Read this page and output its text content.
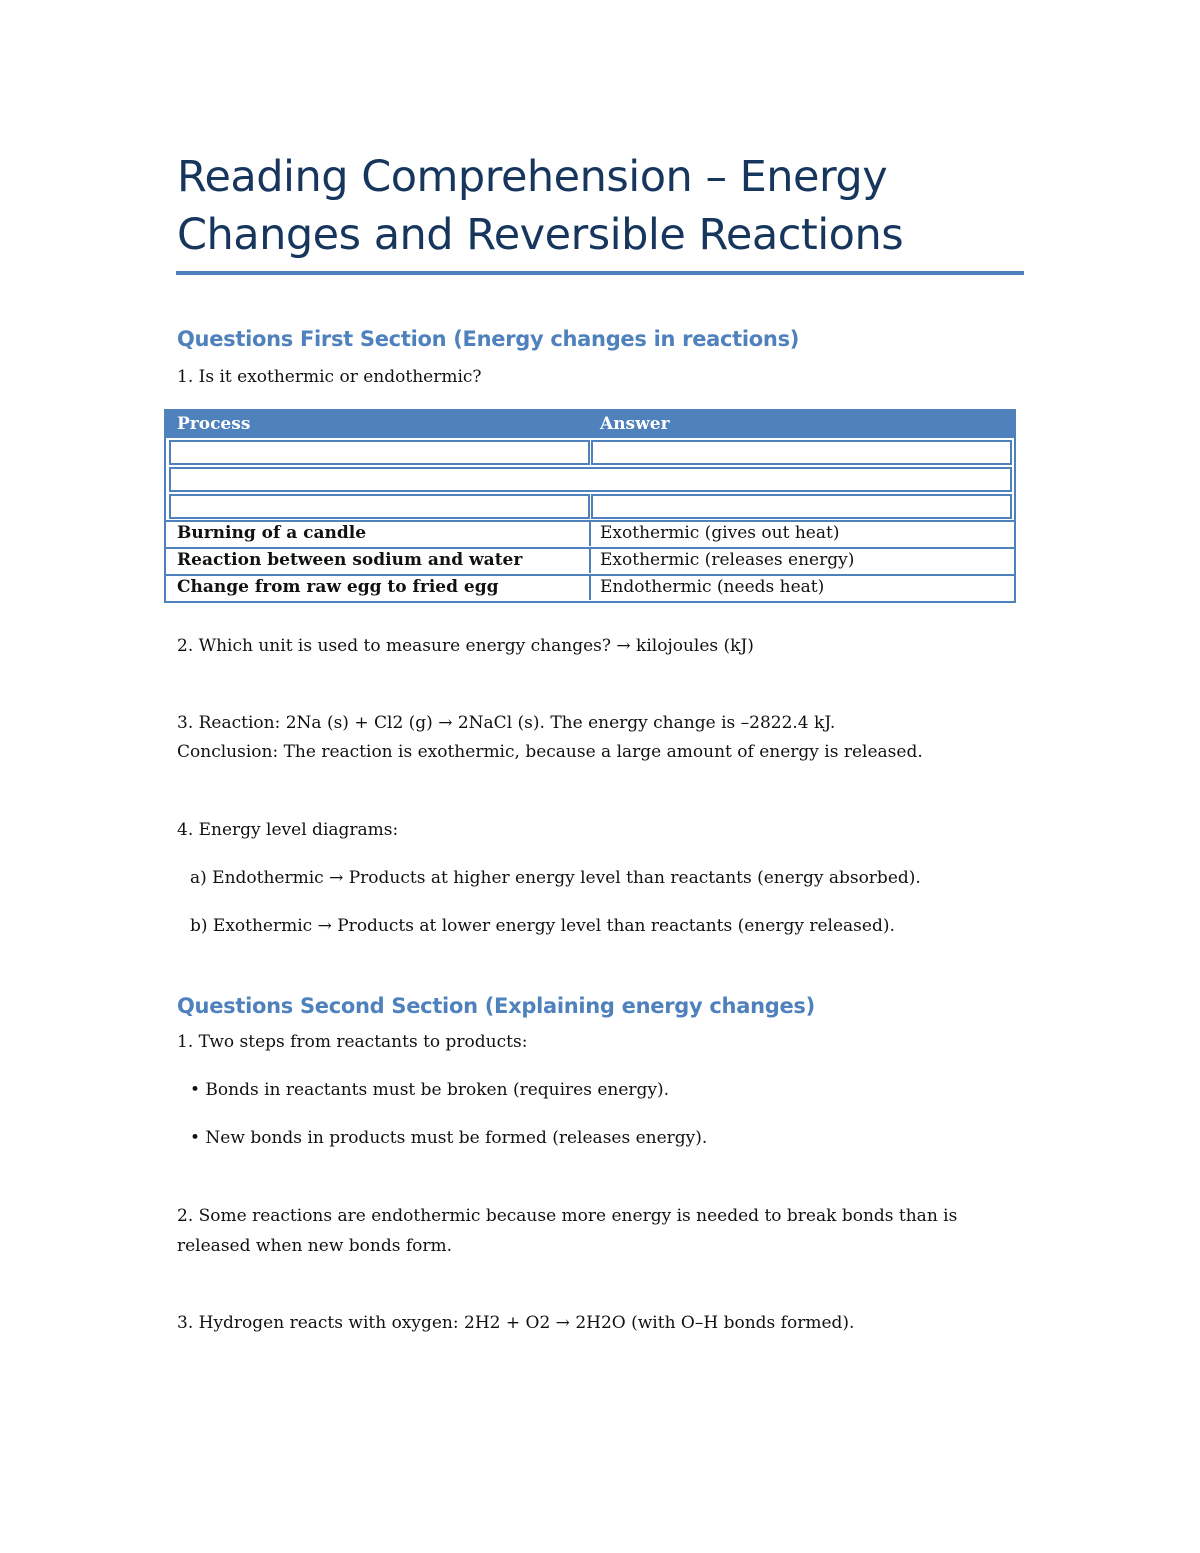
Reading Comprehension – Energy
Changes and Reversible Reactions
Questions First Section (Energy changes in reactions)
1. Is it exothermic or endothermic?
Process	Answer
Burning of a candle	Exothermic (gives out heat)
Reaction between sodium and water	Exothermic (releases energy)
Change from raw egg to fried egg	Endothermic (needs heat)
2. Which unit is used to measure energy changes? → kilojoules (kJ)
3. Reaction: 2Na (s) + Cl2 (g) → 2NaCl (s). The energy change is –2822.4 kJ.
Conclusion: The reaction is exothermic, because a large amount of energy is released.
4. Energy level diagrams:
a) Endothermic → Products at higher energy level than reactants (energy absorbed).
b) Exothermic → Products at lower energy level than reactants (energy released).
Questions Second Section (Explaining energy changes)
1. Two steps from reactants to products:
• Bonds in reactants must be broken (requires energy).
• New bonds in products must be formed (releases energy).
2. Some reactions are endothermic because more energy is needed to break bonds than is
released when new bonds form.
3. Hydrogen reacts with oxygen: 2H2 + O2 → 2H2O (with O–H bonds formed).
